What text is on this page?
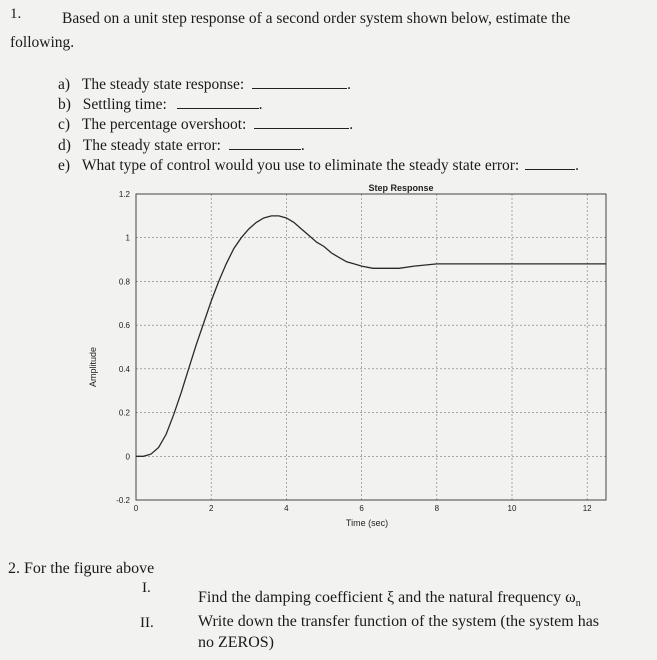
1.	Based on a unit step response of a second order system shown below, estimate the
following.
a) The steady state response:	.
b) Settling time:	.
c) The percentage overshoot:	.
d) The steady state error:	.
e) What type of control would you use to eliminate the steady state error:	.
0	2	4	6	8	10	12
-0.2
0
0.2
0.4
0.6
0.8
1
1.2
Step Response
Time (sec)
Amplitude
2. For the figure above
I.
Find the damping coefficient ξ and the natural frequency $\omega_n$
II.	Write down the transfer function of the system (the system has
no ZEROS)
